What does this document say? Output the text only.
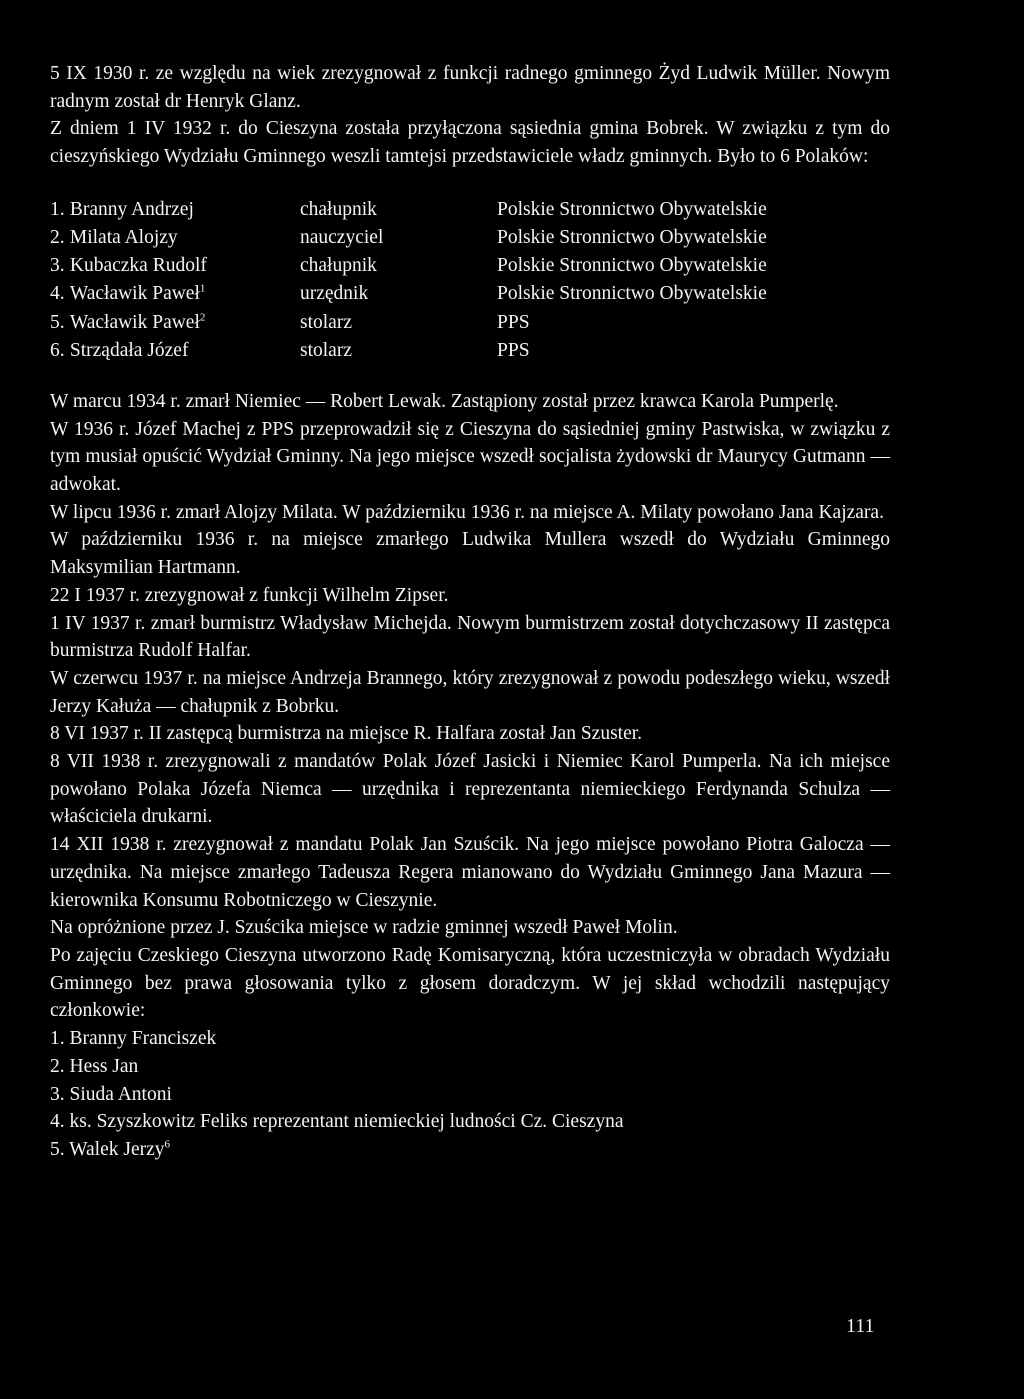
5 IX 1930 r. ze względu na wiek zrezygnował z funkcji radnego gminnego Żyd Ludwik Müller. Nowym radnym został dr Henryk Glanz.

Z dniem 1 IV 1932 r. do Cieszyna została przyłączona sąsiednia gmina Bobrek. W związku z tym do cieszyńskiego Wydziału Gminnego weszli tamtejsi przedstawiciele władz gminnych. Było to 6 Polaków:

1.	Branny Andrzej	chałupnik	Polskie Stronnictwo Obywatelskie
2.	Milata Alojzy	nauczyciel	Polskie Stronnictwo Obywatelskie
3.	Kubaczka Rudolf	chałupnik	Polskie Stronnictwo Obywatelskie
4.	Wacławik Paweł$^1$	urzędnik	Polskie Stronnictwo Obywatelskie
5.	Wacławik Paweł$^2$	stolarz	PPS
6.	Strządała Józef	stolarz	PPS

W marcu 1934 r. zmarł Niemiec — Robert Lewak. Zastąpiony został przez krawca Karola Pumperlę.

W 1936 r. Józef Machej z PPS przeprowadził się z Cieszyna do sąsiedniej gminy Pastwiska, w związku z tym musiał opuścić Wydział Gminny. Na jego miejsce wszedł socjalista żydowski dr Maurycy Gutmann — adwokat.

W lipcu 1936 r. zmarł Alojzy Milata. W październiku 1936 r. na miejsce A. Milaty powołano Jana Kajzara.

W październiku 1936 r. na miejsce zmarłego Ludwika Mullera wszedł do Wydziału Gminnego Maksymilian Hartmann.

22 I 1937 r. zrezygnował z funkcji Wilhelm Zipser.

1 IV 1937 r. zmarł burmistrz Władysław Michejda. Nowym burmistrzem został dotychczasowy II zastępca burmistrza Rudolf Halfar.

W czerwcu 1937 r. na miejsce Andrzeja Brannego, który zrezygnował z powodu podeszłego wieku, wszedł Jerzy Kałuża — chałupnik z Bobrku.

8 VI 1937 r. II zastępcą burmistrza na miejsce R. Halfara został Jan Szuster.

8 VII 1938 r. zrezygnowali z mandatów Polak Józef Jasicki i Niemiec Karol Pumperla. Na ich miejsce powołano Polaka Józefa Niemca — urzędnika i reprezentanta niemieckiego Ferdynanda Schulza — właściciela drukarni.

14 XII 1938 r. zrezygnował z mandatu Polak Jan Szuścik. Na jego miejsce powołano Piotra Galocza — urzędnika. Na miejsce zmarłego Tadeusza Regera mianowano do Wydziału Gminnego Jana Mazura — kierownika Konsumu Robotniczego w Cieszynie.

Na opróżnione przez J. Szuścika miejsce w radzie gminnej wszedł Paweł Molin.

Po zajęciu Czeskiego Cieszyna utworzono Radę Komisaryczną, która uczestniczyła w obradach Wydziału Gminnego bez prawa głosowania tylko z głosem doradczym. W jej skład wchodzili następujący członkowie:

1. Branny Franciszek
2. Hess Jan
3. Siuda Antoni
4. ks. Szyszkowitz Feliks reprezentant niemieckiej ludności Cz. Cieszyna
5. Walek Jerzy$^6$
111
